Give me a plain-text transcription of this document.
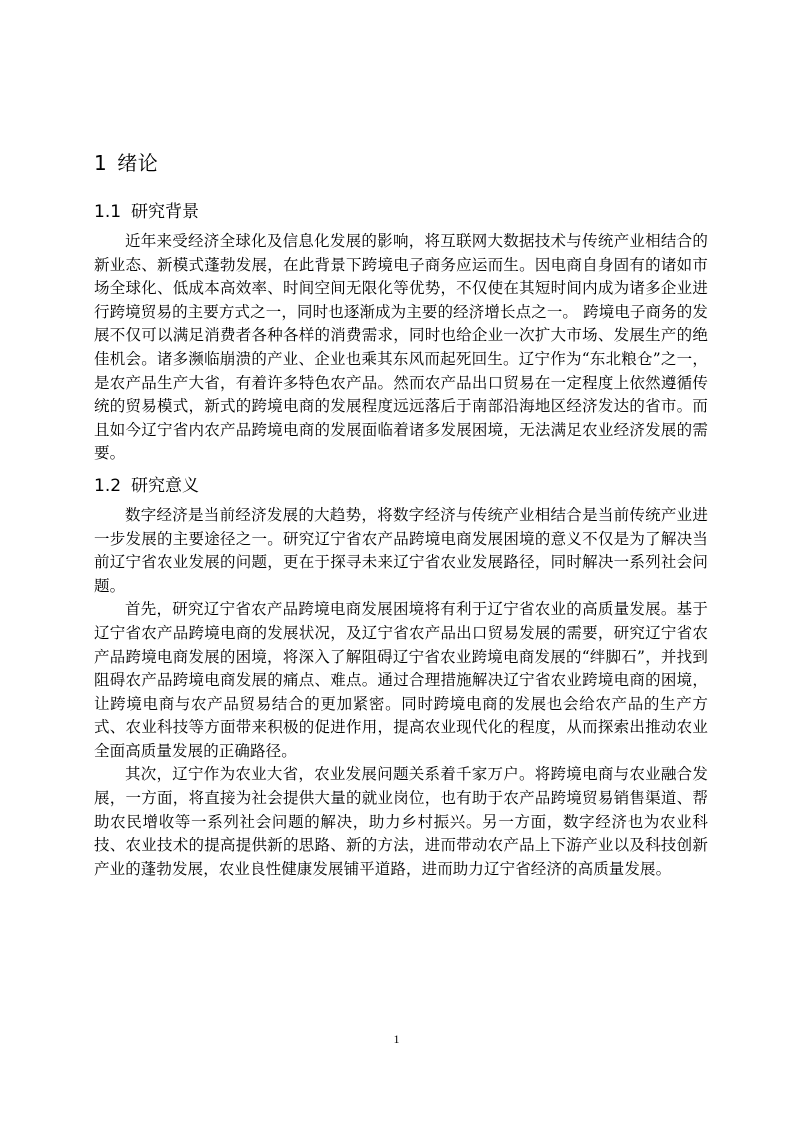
1 绪论
1.1 研究背景

近年来受经济全球化及信息化发展的影响，将互联网大数据技术与传统产业相结合的新业态、新模式蓬勃发展，在此背景下跨境电子商务应运而生。因电商自身固有的诸如市场全球化、低成本高效率、时间空间无限化等优势，不仅使在其短时间内成为诸多企业进行跨境贸易的主要方式之一，同时也逐渐成为主要的经济增长点之一。 跨境电子商务的发展不仅可以满足消费者各种各样的消费需求，同时也给企业一次扩大市场、发展生产的绝佳机会。诸多濒临崩溃的产业、企业也乘其东风而起死回生。辽宁作为“东北粮仓”之一，是农产品生产大省，有着许多特色农产品。然而农产品出口贸易在一定程度上依然遵循传统的贸易模式，新式的跨境电商的发展程度远远落后于南部沿海地区经济发达的省市。而且如今辽宁省内农产品跨境电商的发展面临着诸多发展困境，无法满足农业经济发展的需要。

1.2 研究意义

数字经济是当前经济发展的大趋势，将数字经济与传统产业相结合是当前传统产业进一步发展的主要途径之一。研究辽宁省农产品跨境电商发展困境的意义不仅是为了解决当前辽宁省农业发展的问题，更在于探寻未来辽宁省农业发展路径，同时解决一系列社会问题。

首先，研究辽宁省农产品跨境电商发展困境将有利于辽宁省农业的高质量发展。基于辽宁省农产品跨境电商的发展状况，及辽宁省农产品出口贸易发展的需要，研究辽宁省农产品跨境电商发展的困境，将深入了解阻碍辽宁省农业跨境电商发展的“绊脚石”，并找到阻碍农产品跨境电商发展的痛点、难点。通过合理措施解决辽宁省农业跨境电商的困境，让跨境电商与农产品贸易结合的更加紧密。同时跨境电商的发展也会给农产品的生产方式、农业科技等方面带来积极的促进作用，提高农业现代化的程度，从而探索出推动农业全面高质量发展的正确路径。

其次，辽宁作为农业大省，农业发展问题关系着千家万户。将跨境电商与农业融合发展，一方面，将直接为社会提供大量的就业岗位，也有助于农产品跨境贸易销售渠道、帮助农民增收等一系列社会问题的解决，助力乡村振兴。另一方面，数字经济也为农业科技、农业技术的提高提供新的思路、新的方法，进而带动农产品上下游产业以及科技创新产业的蓬勃发展，农业良性健康发展铺平道路，进而助力辽宁省经济的高质量发展。

1
